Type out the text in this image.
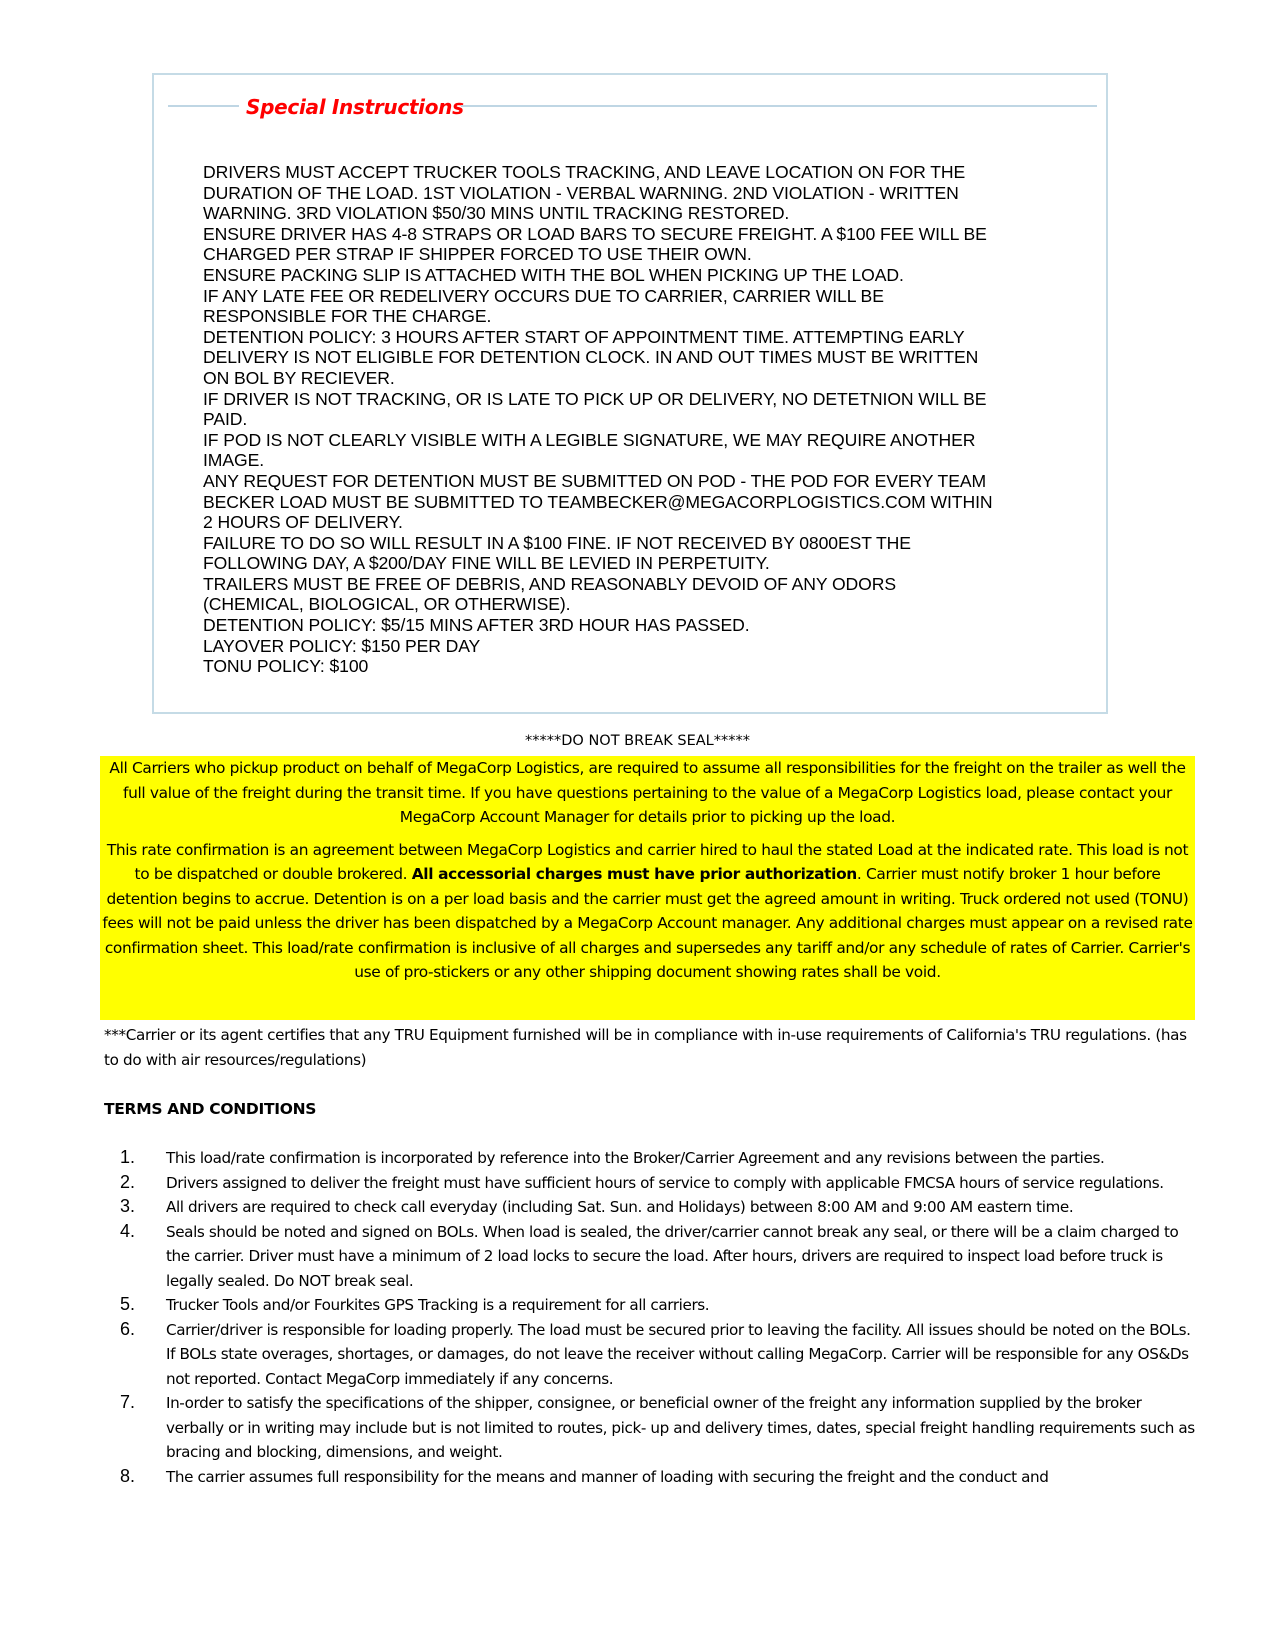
Special Instructions
DRIVERS MUST ACCEPT TRUCKER TOOLS TRACKING, AND LEAVE LOCATION ON FOR THE
DURATION OF THE LOAD. 1ST VIOLATION - VERBAL WARNING. 2ND VIOLATION - WRITTEN
WARNING. 3RD VIOLATION $50/30 MINS UNTIL TRACKING RESTORED.
ENSURE DRIVER HAS 4-8 STRAPS OR LOAD BARS TO SECURE FREIGHT. A $100 FEE WILL BE
CHARGED PER STRAP IF SHIPPER FORCED TO USE THEIR OWN.
ENSURE PACKING SLIP IS ATTACHED WITH THE BOL WHEN PICKING UP THE LOAD.
IF ANY LATE FEE OR REDELIVERY OCCURS DUE TO CARRIER, CARRIER WILL BE
RESPONSIBLE FOR THE CHARGE.
DETENTION POLICY: 3 HOURS AFTER START OF APPOINTMENT TIME. ATTEMPTING EARLY
DELIVERY IS NOT ELIGIBLE FOR DETENTION CLOCK. IN AND OUT TIMES MUST BE WRITTEN
ON BOL BY RECIEVER.
IF DRIVER IS NOT TRACKING, OR IS LATE TO PICK UP OR DELIVERY, NO DETETNION WILL BE
PAID.
IF POD IS NOT CLEARLY VISIBLE WITH A LEGIBLE SIGNATURE, WE MAY REQUIRE ANOTHER
IMAGE.
ANY REQUEST FOR DETENTION MUST BE SUBMITTED ON POD - THE POD FOR EVERY TEAM
BECKER LOAD MUST BE SUBMITTED TO TEAMBECKER@MEGACORPLOGISTICS.COM WITHIN
2 HOURS OF DELIVERY.
FAILURE TO DO SO WILL RESULT IN A $100 FINE. IF NOT RECEIVED BY 0800EST THE
FOLLOWING DAY, A $200/DAY FINE WILL BE LEVIED IN PERPETUITY.
TRAILERS MUST BE FREE OF DEBRIS, AND REASONABLY DEVOID OF ANY ODORS
(CHEMICAL, BIOLOGICAL, OR OTHERWISE).
DETENTION POLICY: $5/15 MINS AFTER 3RD HOUR HAS PASSED.
LAYOVER POLICY: $150 PER DAY
TONU POLICY: $100
*****DO NOT BREAK SEAL*****

All Carriers who pickup product on behalf of MegaCorp Logistics, are required to assume all responsibilities for the freight on the trailer as well the full value of the freight during the transit time. If you have questions pertaining to the value of a MegaCorp Logistics load, please contact your MegaCorp Account Manager for details prior to picking up the load.

This rate confirmation is an agreement between MegaCorp Logistics and carrier hired to haul the stated Load at the indicated rate. This load is not to be dispatched or double brokered. All accessorial charges must have prior authorization. Carrier must notify broker 1 hour before detention begins to accrue. Detention is on a per load basis and the carrier must get the agreed amount in writing. Truck ordered not used (TONU) fees will not be paid unless the driver has been dispatched by a MegaCorp Account manager. Any additional charges must appear on a revised rate confirmation sheet. This load/rate confirmation is inclusive of all charges and supersedes any tariff and/or any schedule of rates of Carrier. Carrier's use of pro-stickers or any other shipping document showing rates shall be void.

***Carrier or its agent certifies that any TRU Equipment furnished will be in compliance with in-use requirements of California's TRU regulations. (has to do with air resources/regulations)

TERMS AND CONDITIONS
1. This load/rate confirmation is incorporated by reference into the Broker/Carrier Agreement and any revisions between the parties.
2. Drivers assigned to deliver the freight must have sufficient hours of service to comply with applicable FMCSA hours of service regulations.
3. All drivers are required to check call everyday (including Sat. Sun. and Holidays) between 8:00 AM and 9:00 AM eastern time.
4. Seals should be noted and signed on BOLs. When load is sealed, the driver/carrier cannot break any seal, or there will be a claim charged to the carrier. Driver must have a minimum of 2 load locks to secure the load. After hours, drivers are required to inspect load before truck is legally sealed. Do NOT break seal.
5. Trucker Tools and/or Fourkites GPS Tracking is a requirement for all carriers.
6. Carrier/driver is responsible for loading properly. The load must be secured prior to leaving the facility. All issues should be noted on the BOLs. If BOLs state overages, shortages, or damages, do not leave the receiver without calling MegaCorp. Carrier will be responsible for any OS&Ds not reported. Contact MegaCorp immediately if any concerns.
7. In-order to satisfy the specifications of the shipper, consignee, or beneficial owner of the freight any information supplied by the broker verbally or in writing may include but is not limited to routes, pick- up and delivery times, dates, special freight handling requirements such as bracing and blocking, dimensions, and weight.
8. The carrier assumes full responsibility for the means and manner of loading with securing the freight and the conduct and
